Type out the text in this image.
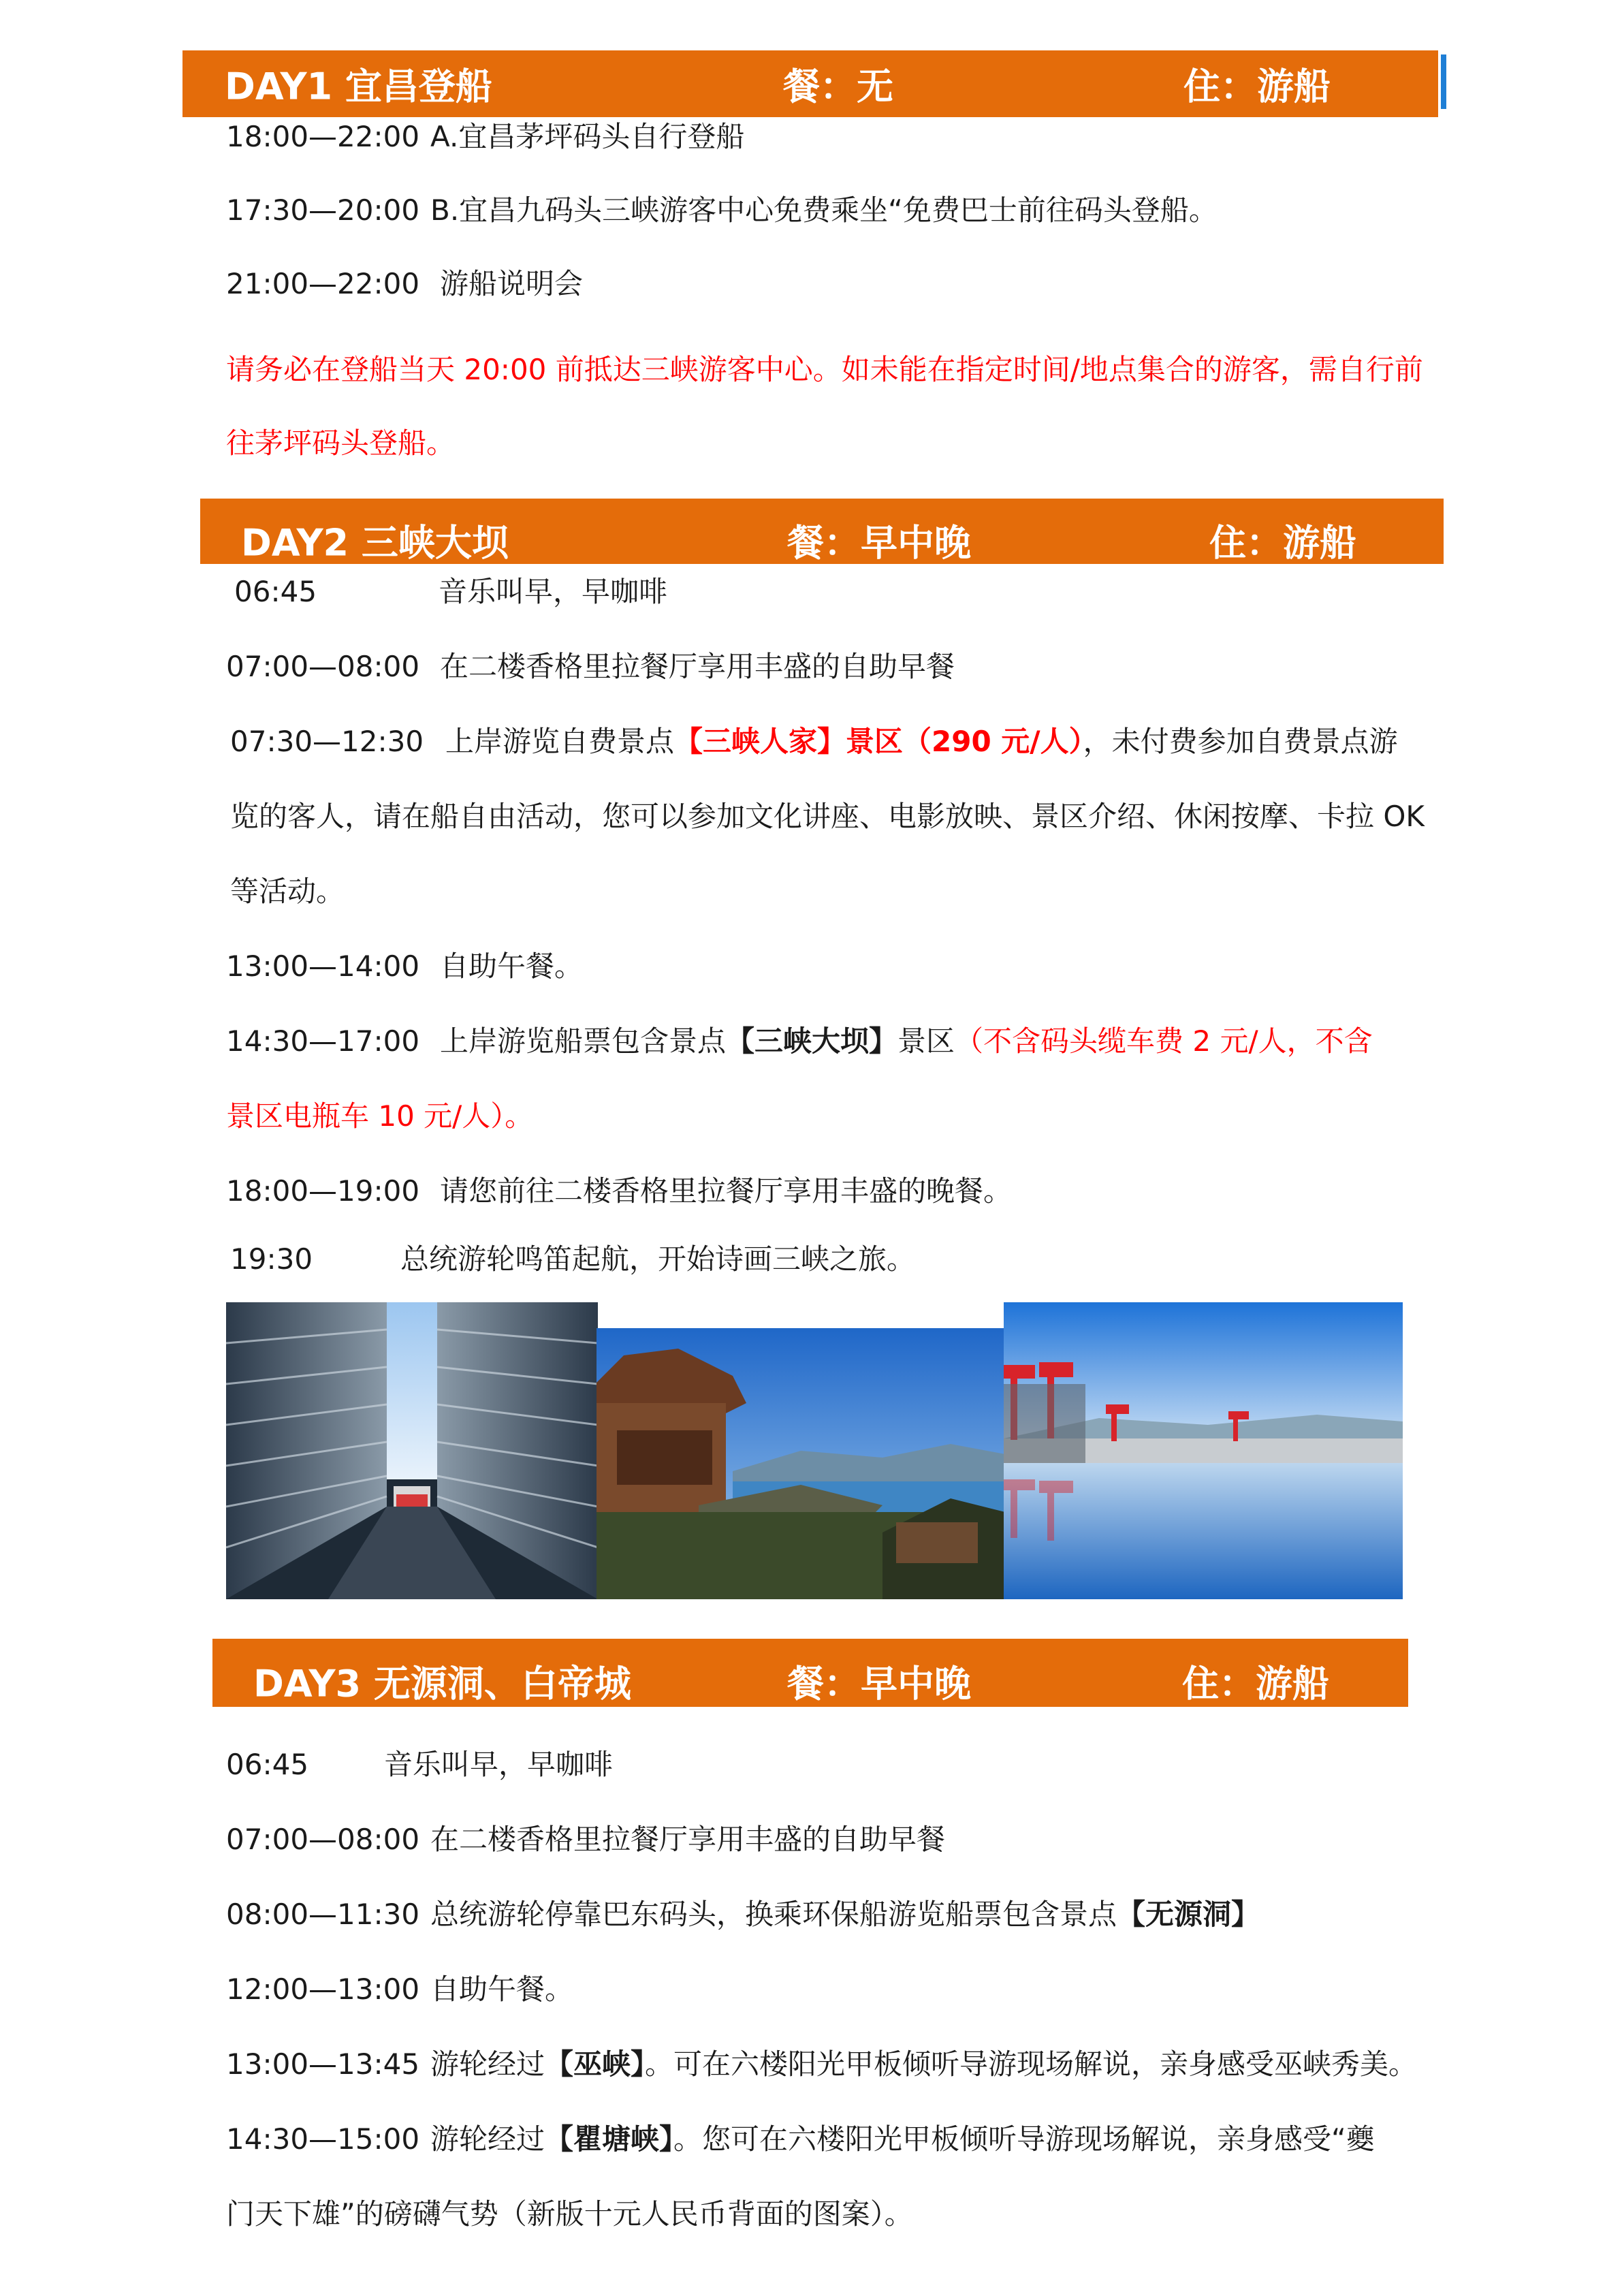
DAY1 宜昌登船	餐：无	住：游船
18:00—22:00 A.宜昌茅坪码头自行登船
17:30—20:00 B.宜昌九码头三峡游客中心免费乘坐“免费巴士前往码头登船。
21:00—22:00 游船说明会
请务必在登船当天 20:00 前抵达三峡游客中心。如未能在指定时间/地点集合的游客，需自行前
往茅坪码头登船。
DAY2 三峡大坝	餐：早中晚	住：游船
06:45	音乐叫早，早咖啡
07:00—08:00 在二楼香格里拉餐厅享用丰盛的自助早餐
07:30—12:30 上岸游览自费景点【三峡人家】景区（290 元/人），未付费参加自费景点游
览的客人，请在船自由活动，您可以参加文化讲座、电影放映、景区介绍、休闲按摩、卡拉 OK
等活动。
13:00—14:00 自助午餐。
14:30—17:00 上岸游览船票包含景点【三峡大坝】景区（不含码头缆车费 2 元/人，不含
景区电瓶车 10 元/人）。
18:00—19:00 请您前往二楼香格里拉餐厅享用丰盛的晚餐。
19:30	总统游轮鸣笛起航，开始诗画三峡之旅。
DAY3 无源洞、白帝城	餐：早中晚	住：游船
06:45	音乐叫早，早咖啡
07:00—08:00 在二楼香格里拉餐厅享用丰盛的自助早餐
08:00—11:30 总统游轮停靠巴东码头，换乘环保船游览船票包含景点【无源洞】
12:00—13:00 自助午餐。
13:00—13:45 游轮经过【巫峡】。可在六楼阳光甲板倾听导游现场解说，亲身感受巫峡秀美。
14:30—15:00 游轮经过【瞿塘峡】。您可在六楼阳光甲板倾听导游现场解说，亲身感受“夔
门天下雄”的磅礴气势（新版十元人民币背面的图案）。
